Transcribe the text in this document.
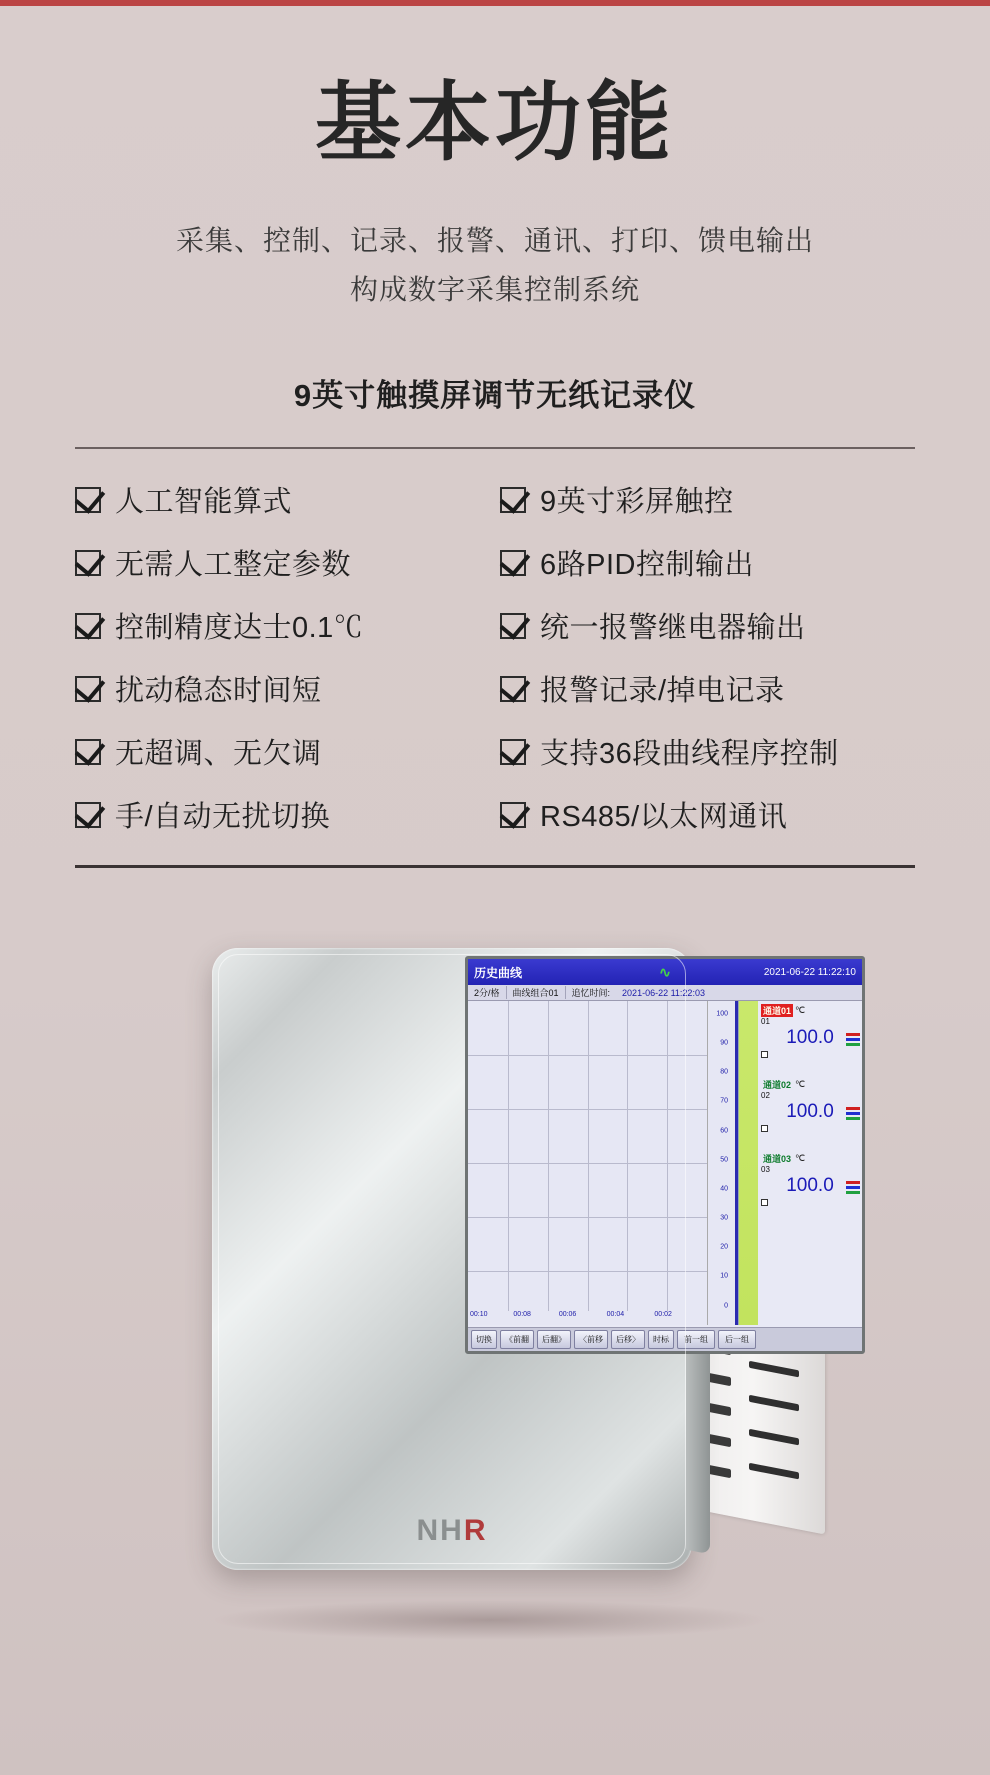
基本功能
采集、控制、记录、报警、通讯、打印、馈电输出
构成数字采集控制系统
9英寸触摸屏调节无纸记录仪
人工智能算式	9英寸彩屏触控
无需人工整定参数	6路PID控制输出
控制精度达士0.1℃	统一报警继电器输出
扰动稳态时间短	报警记录/掉电记录
无超调、无欠调	支持36段曲线程序控制
手/自动无扰切换	RS485/以太网通讯
历史曲线	∿	2021-06-22 11:22:10
2分/格	曲线组合01	追忆时间:	2021-06-22 11:22:03
00:10	00:08	00:06	00:04	00:02
100
90
80
70
60
50
40
30
20
10
0
通道01 ℃
01
100.0
通道02 ℃
02
100.0
通道03 ℃
03
100.0
切换	《前翻	后翻》	〈前移	后移〉	时标	前一组	后一组
NHR
